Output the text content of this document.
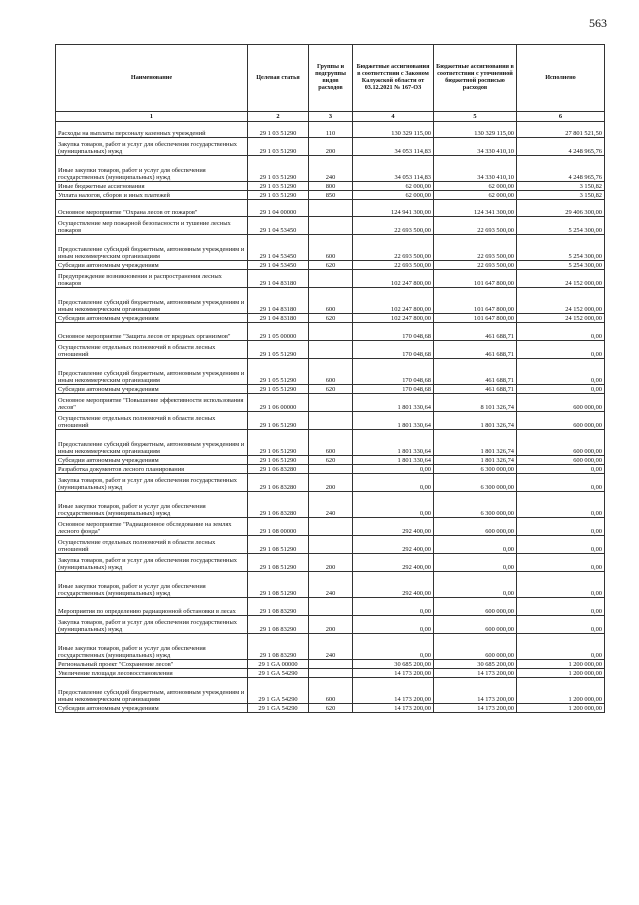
563
Наименование	Целевая статья	Группы и подгруппы видов расходов	Бюджетные ассигнования в соответствии с Законом Калужской области от 03.12.2021 № 167-ОЗ	Бюджетные ассигнования в соответствии с уточненной бюджетной росписью расходов	Исполнено
1	2	3	4	5	6
Расходы на выплаты персоналу казенных учреждений	29 1 03 51290	110	130 329 115,00	130 329 115,00	27 801 521,50
Закупка товаров, работ и услуг для обеспечения государственных (муниципальных) нужд	29 1 03 51290	200	34 053 114,83	34 330 410,10	4 248 965,76
Иные закупки товаров, работ и услуг для обеспечения государственных (муниципальных) нужд	29 1 03 51290	240	34 053 114,83	34 330 410,10	4 248 965,76
Иные бюджетные ассигнования	29 1 03 51290	800	62 000,00	62 000,00	3 150,82
Уплата налогов, сборов и иных платежей	29 1 03 51290	850	62 000,00	62 000,00	3 150,82
Основное мероприятие "Охрана лесов от пожаров"	29 1 04 00000		124 941 300,00	124 341 300,00	29 406 300,00
Осуществление мер пожарной безопасности и тушение лесных пожаров	29 1 04 53450		22 693 500,00	22 693 500,00	5 254 300,00
Предоставление субсидий бюджетным, автономным учреждениям и иным некоммерческим организациям	29 1 04 53450	600	22 693 500,00	22 693 500,00	5 254 300,00
Субсидии автономным учреждениям	29 1 04 53450	620	22 693 500,00	22 693 500,00	5 254 300,00
Предупреждение возникновения и распространения лесных пожаров	29 1 04 83180		102 247 800,00	101 647 800,00	24 152 000,00
Предоставление субсидий бюджетным, автономным учреждениям и иным некоммерческим организациям	29 1 04 83180	600	102 247 800,00	101 647 800,00	24 152 000,00
Субсидии автономным учреждениям	29 1 04 83180	620	102 247 800,00	101 647 800,00	24 152 000,00
Основное мероприятие "Защита лесов от вредных организмов"	29 1 05 00000		170 048,68	461 688,71	0,00
Осуществление отдельных полномочий в области лесных отношений	29 1 05 51290		170 048,68	461 688,71	0,00
Предоставление субсидий бюджетным, автономным учреждениям и иным некоммерческим организациям	29 1 05 51290	600	170 048,68	461 688,71	0,00
Субсидии автономным учреждениям	29 1 05 51290	620	170 048,68	461 688,71	0,00
Основное мероприятие "Повышение эффективности использования лесов"	29 1 06 00000		1 801 330,64	8 101 326,74	600 000,00
Осуществление отдельных полномочий в области лесных отношений	29 1 06 51290		1 801 330,64	1 801 326,74	600 000,00
Предоставление субсидий бюджетным, автономным учреждениям и иным некоммерческим организациям	29 1 06 51290	600	1 801 330,64	1 801 326,74	600 000,00
Субсидии автономным учреждениям	29 1 06 51290	620	1 801 330,64	1 801 326,74	600 000,00
Разработка документов лесного планирования	29 1 06 83280		0,00	6 300 000,00	0,00
Закупка товаров, работ и услуг для обеспечения государственных (муниципальных) нужд	29 1 06 83280	200	0,00	6 300 000,00	0,00
Иные закупки товаров, работ и услуг для обеспечения государственных (муниципальных) нужд	29 1 06 83280	240	0,00	6 300 000,00	0,00
Основное мероприятие "Радиационное обследование на землях лесного фонда"	29 1 08 00000		292 400,00	600 000,00	0,00
Осуществление отдельных полномочий в области лесных отношений	29 1 08 51290		292 400,00	0,00	0,00
Закупка товаров, работ и услуг для обеспечения государственных (муниципальных) нужд	29 1 08 51290	200	292 400,00	0,00	0,00
Иные закупки товаров, работ и услуг для обеспечения государственных (муниципальных) нужд	29 1 08 51290	240	292 400,00	0,00	0,00
Мероприятия по определению радиационной обстановки в лесах	29 1 08 83290		0,00	600 000,00	0,00
Закупка товаров, работ и услуг для обеспечения государственных (муниципальных) нужд	29 1 08 83290	200	0,00	600 000,00	0,00
Иные закупки товаров, работ и услуг для обеспечения государственных (муниципальных) нужд	29 1 08 83290	240	0,00	600 000,00	0,00
Региональный проект "Сохранение лесов"	29 1 GA 00000		30 685 200,00	30 685 200,00	1 200 000,00
Увеличение площади лесовосстановления	29 1 GA 54290		14 173 200,00	14 173 200,00	1 200 000,00
Предоставление субсидий бюджетным, автономным учреждениям и иным некоммерческим организациям	29 1 GA 54290	600	14 173 200,00	14 173 200,00	1 200 000,00
Субсидии автономным учреждениям	29 1 GA 54290	620	14 173 200,00	14 173 200,00	1 200 000,00
